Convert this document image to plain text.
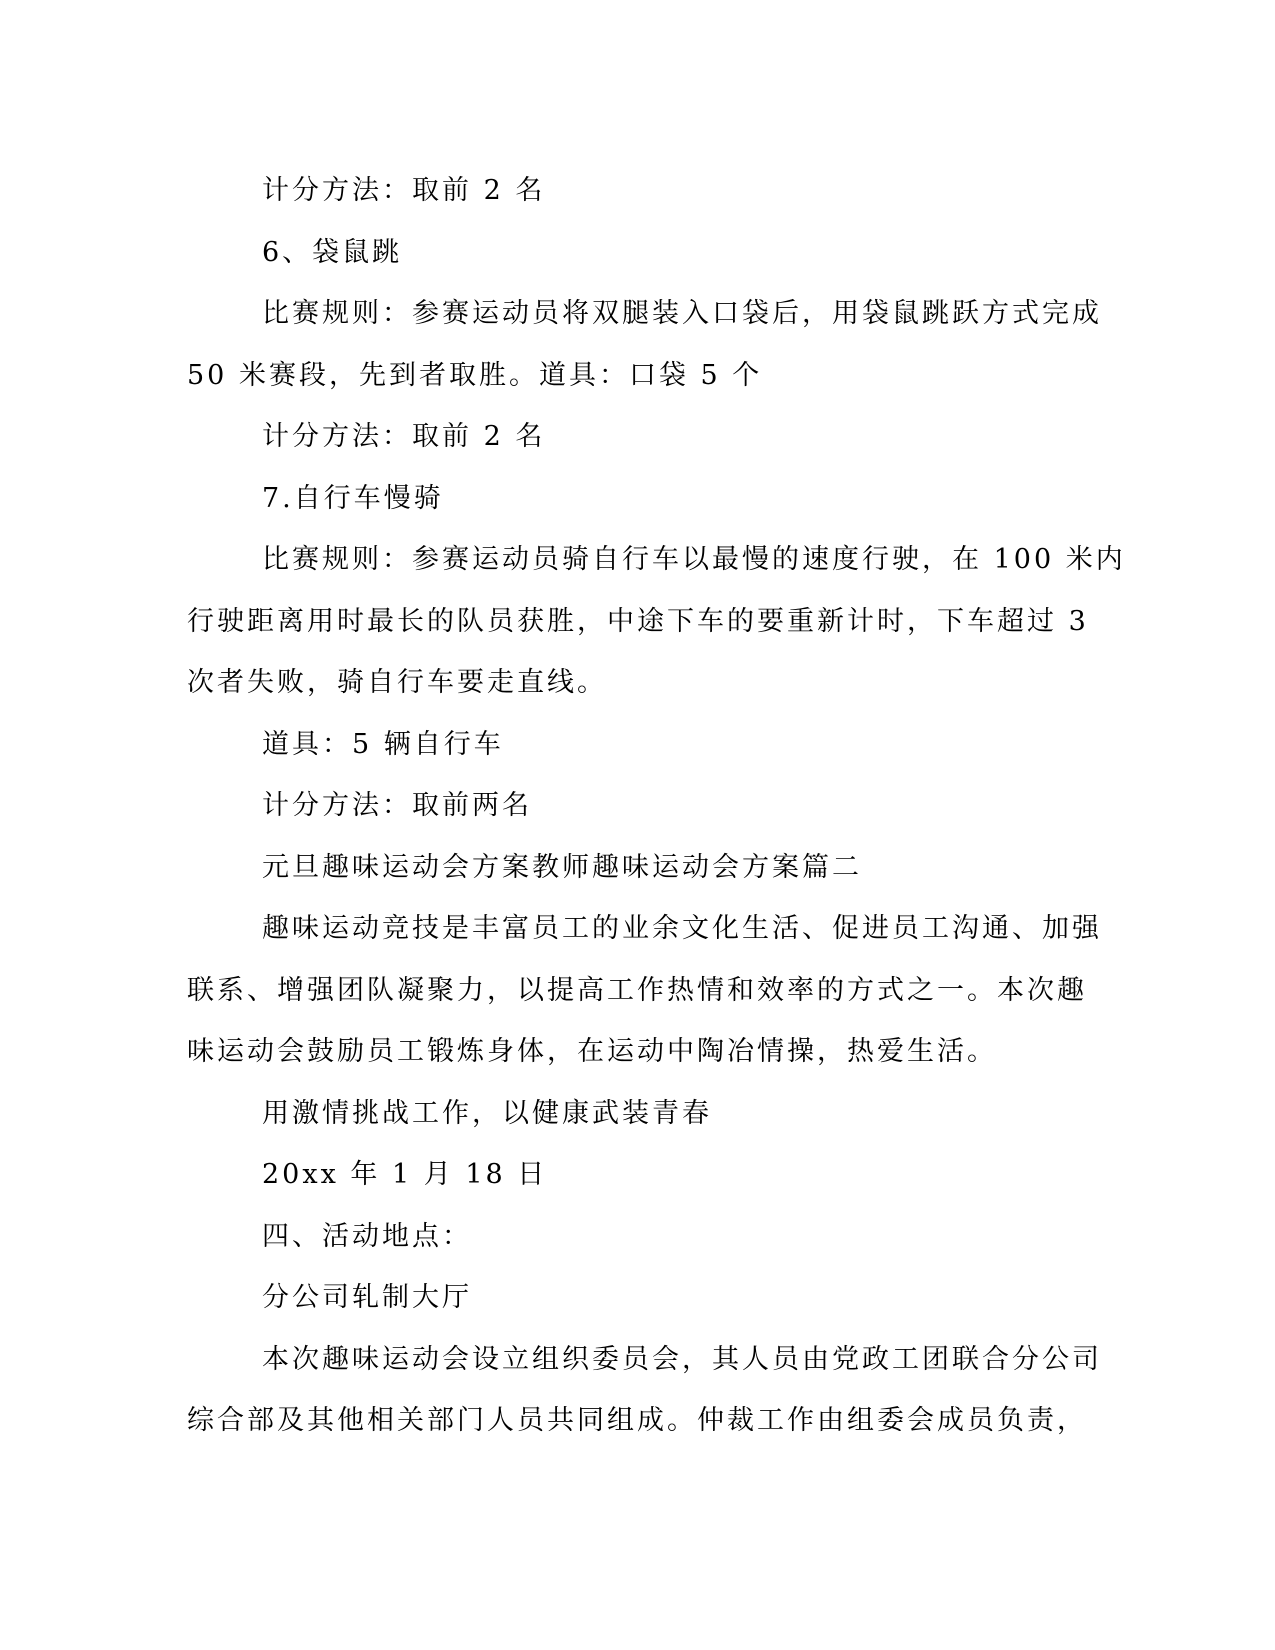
计分方法：取前 2 名
6、袋鼠跳
比赛规则：参赛运动员将双腿装入口袋后，用袋鼠跳跃方式完成
50 米赛段，先到者取胜。道具：口袋 5 个
计分方法：取前 2 名
7.自行车慢骑
比赛规则：参赛运动员骑自行车以最慢的速度行驶，在 100 米内
行驶距离用时最长的队员获胜，中途下车的要重新计时，下车超过 3
次者失败，骑自行车要走直线。
道具：5 辆自行车
计分方法：取前两名
元旦趣味运动会方案教师趣味运动会方案篇二
趣味运动竞技是丰富员工的业余文化生活、促进员工沟通、加强
联系、增强团队凝聚力，以提高工作热情和效率的方式之一。本次趣
味运动会鼓励员工锻炼身体，在运动中陶冶情操，热爱生活。
用激情挑战工作，以健康武装青春
20xx 年 1 月 18 日
四、活动地点：
分公司轧制大厅
本次趣味运动会设立组织委员会，其人员由党政工团联合分公司
综合部及其他相关部门人员共同组成。仲裁工作由组委会成员负责，
